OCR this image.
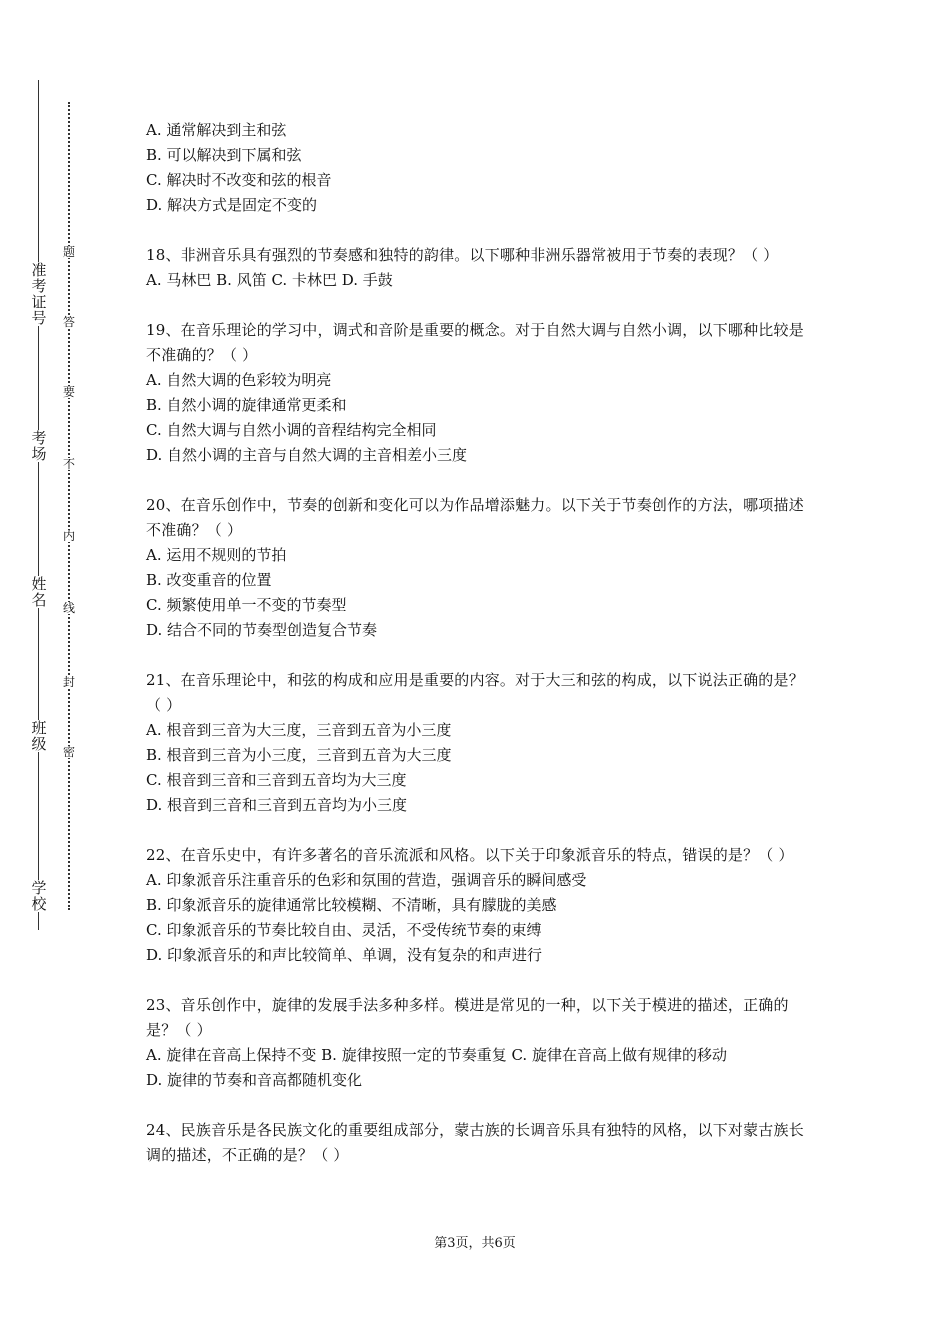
准
考
证
号
考
场
姓
名
班
级
学
校
题
答
要
不
内
线
封
密

A. 通常解决到主和弦

B. 可以解决到下属和弦

C. 解决时不改变和弦的根音

D. 解决方式是固定不变的

18、非洲音乐具有强烈的节奏感和独特的韵律。以下哪种非洲乐器常被用于节奏的表现？（ ）

A. 马林巴 B. 风笛 C. 卡林巴 D. 手鼓

19、在音乐理论的学习中，调式和音阶是重要的概念。对于自然大调与自然小调，以下哪种比较是不准确的？（ ）

A. 自然大调的色彩较为明亮

B. 自然小调的旋律通常更柔和

C. 自然大调与自然小调的音程结构完全相同

D. 自然小调的主音与自然大调的主音相差小三度

20、在音乐创作中，节奏的创新和变化可以为作品增添魅力。以下关于节奏创作的方法，哪项描述不准确？（ ）

A. 运用不规则的节拍

B. 改变重音的位置

C. 频繁使用单一不变的节奏型

D. 结合不同的节奏型创造复合节奏

21、在音乐理论中，和弦的构成和应用是重要的内容。对于大三和弦的构成，以下说法正确的是？（ ）

A. 根音到三音为大三度，三音到五音为小三度

B. 根音到三音为小三度，三音到五音为大三度

C. 根音到三音和三音到五音均为大三度

D. 根音到三音和三音到五音均为小三度

22、在音乐史中，有许多著名的音乐流派和风格。以下关于印象派音乐的特点，错误的是？（ ）

A. 印象派音乐注重音乐的色彩和氛围的营造，强调音乐的瞬间感受

B. 印象派音乐的旋律通常比较模糊、不清晰，具有朦胧的美感

C. 印象派音乐的节奏比较自由、灵活，不受传统节奏的束缚

D. 印象派音乐的和声比较简单、单调，没有复杂的和声进行

23、音乐创作中，旋律的发展手法多种多样。模进是常见的一种，以下关于模进的描述，正确的是？（ ）

A. 旋律在音高上保持不变 B. 旋律按照一定的节奏重复 C. 旋律在音高上做有规律的移动

D. 旋律的节奏和音高都随机变化

24、民族音乐是各民族文化的重要组成部分，蒙古族的长调音乐具有独特的风格，以下对蒙古族长调的描述，不正确的是？（ ）

第3页，共6页
